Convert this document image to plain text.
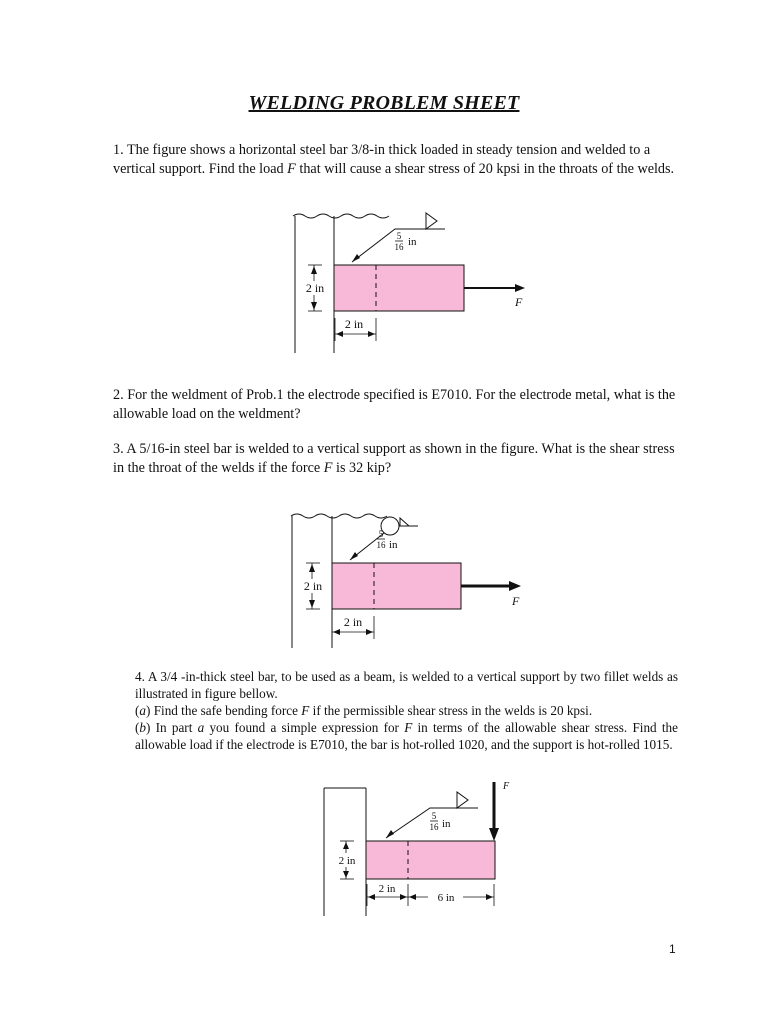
WELDING PROBLEM SHEET
1. The figure shows a horizontal steel bar 3/8-in thick loaded in steady tension and welded to a vertical support. Find the load F that will cause a shear stress of 20 kpsi in the throats of the welds.
5
16 in
2 in
2 in
F
2. For the weldment of Prob.1 the electrode specified is E7010. For the electrode metal, what is the allowable load on the weldment?
3. A 5/16-in steel bar is welded to a vertical support as shown in the figure. What is the shear stress in the throat of the welds if the force F is 32 kip?
5
16 in
2 in
2 in
F
4. A 3/4 -in-thick steel bar, to be used as a beam, is welded to a vertical support by two fillet welds as illustrated in figure bellow.
(a) Find the safe bending force F if the permissible shear stress in the welds is 20 kpsi.
(b) In part a you found a simple expression for F in terms of the allowable shear stress. Find the allowable load if the electrode is E7010, the bar is hot-rolled 1020, and the support is hot-rolled 1015.
5
16 in
F
2 in
2 in
6 in
1
